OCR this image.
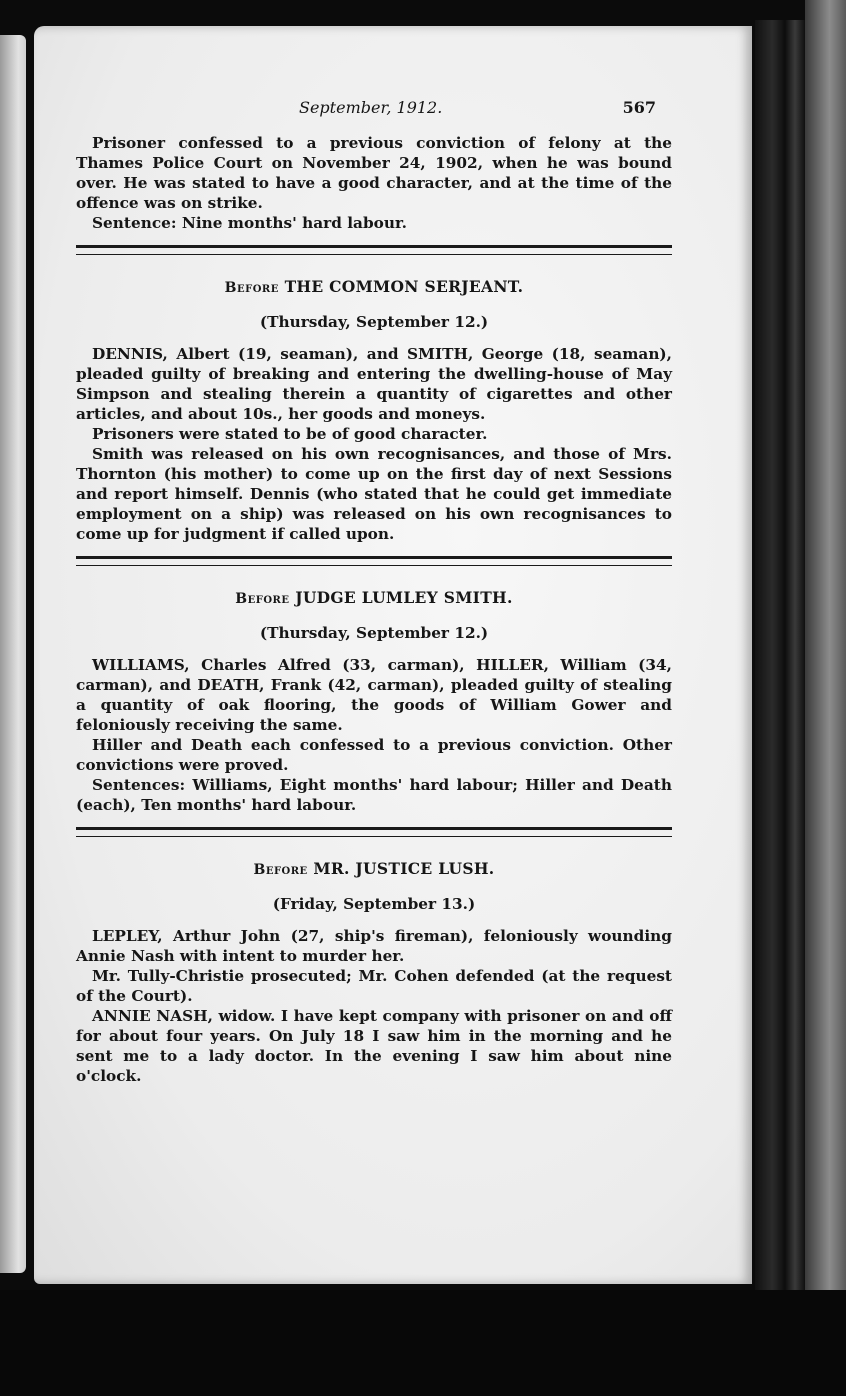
September, 1912.	567

Prisoner confessed to a previous conviction of felony at the Thames Police Court on November 24, 1902, when he was bound over. He was stated to have a good character, and at the time of the offence was on strike.

Sentence: Nine months' hard labour.

Before THE COMMON SERJEANT.
(Thursday, September 12.)

DENNIS, Albert (19, seaman), and SMITH, George (18, seaman), pleaded guilty of breaking and entering the dwelling-house of May Simpson and stealing therein a quantity of cigarettes and other articles, and about 10s., her goods and moneys.

Prisoners were stated to be of good character.

Smith was released on his own recognisances, and those of Mrs. Thornton (his mother) to come up on the first day of next Sessions and report himself. Dennis (who stated that he could get immediate employment on a ship) was released on his own recognisances to come up for judgment if called upon.

Before JUDGE LUMLEY SMITH.
(Thursday, September 12.)

WILLIAMS, Charles Alfred (33, carman), HILLER, William (34, carman), and DEATH, Frank (42, carman), pleaded guilty of stealing a quantity of oak flooring, the goods of William Gower and feloniously receiving the same.

Hiller and Death each confessed to a previous conviction. Other convictions were proved.

Sentences: Williams, Eight months' hard labour; Hiller and Death (each), Ten months' hard labour.

Before MR. JUSTICE LUSH.
(Friday, September 13.)

LEPLEY, Arthur John (27, ship's fireman), feloniously wounding Annie Nash with intent to murder her.

Mr. Tully-Christie prosecuted; Mr. Cohen defended (at the request of the Court).

ANNIE NASH, widow. I have kept company with prisoner on and off for about four years. On July 18 I saw him in the morning and he sent me to a lady doctor. In the evening I saw him about nine o'clock.
